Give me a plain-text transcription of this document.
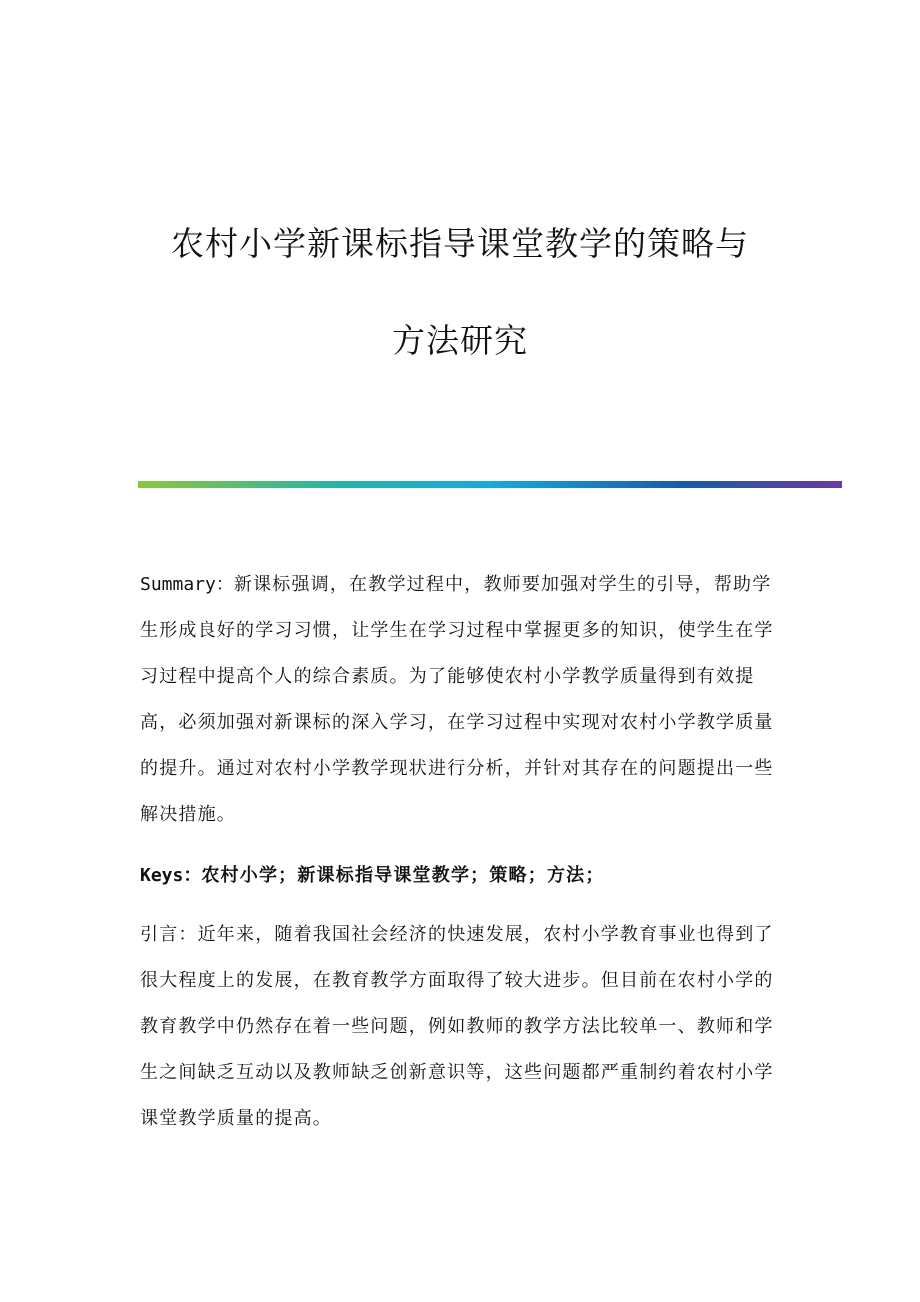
农村小学新课标指导课堂教学的策略与
方法研究

Summary：新课标强调，在教学过程中，教师要加强对学生的引导，帮助学生形成良好的学习习惯，让学生在学习过程中掌握更多的知识，使学生在学习过程中提高个人的综合素质。为了能够使农村小学教学质量得到有效提高，必须加强对新课标的深入学习，在学习过程中实现对农村小学教学质量的提升。通过对农村小学教学现状进行分析，并针对其存在的问题提出一些解决措施。

Keys：农村小学；新课标指导课堂教学；策略；方法；

引言：近年来，随着我国社会经济的快速发展，农村小学教育事业也得到了很大程度上的发展，在教育教学方面取得了较大进步。但目前在农村小学的教育教学中仍然存在着一些问题，例如教师的教学方法比较单一、教师和学生之间缺乏互动以及教师缺乏创新意识等，这些问题都严重制约着农村小学课堂教学质量的提高。
